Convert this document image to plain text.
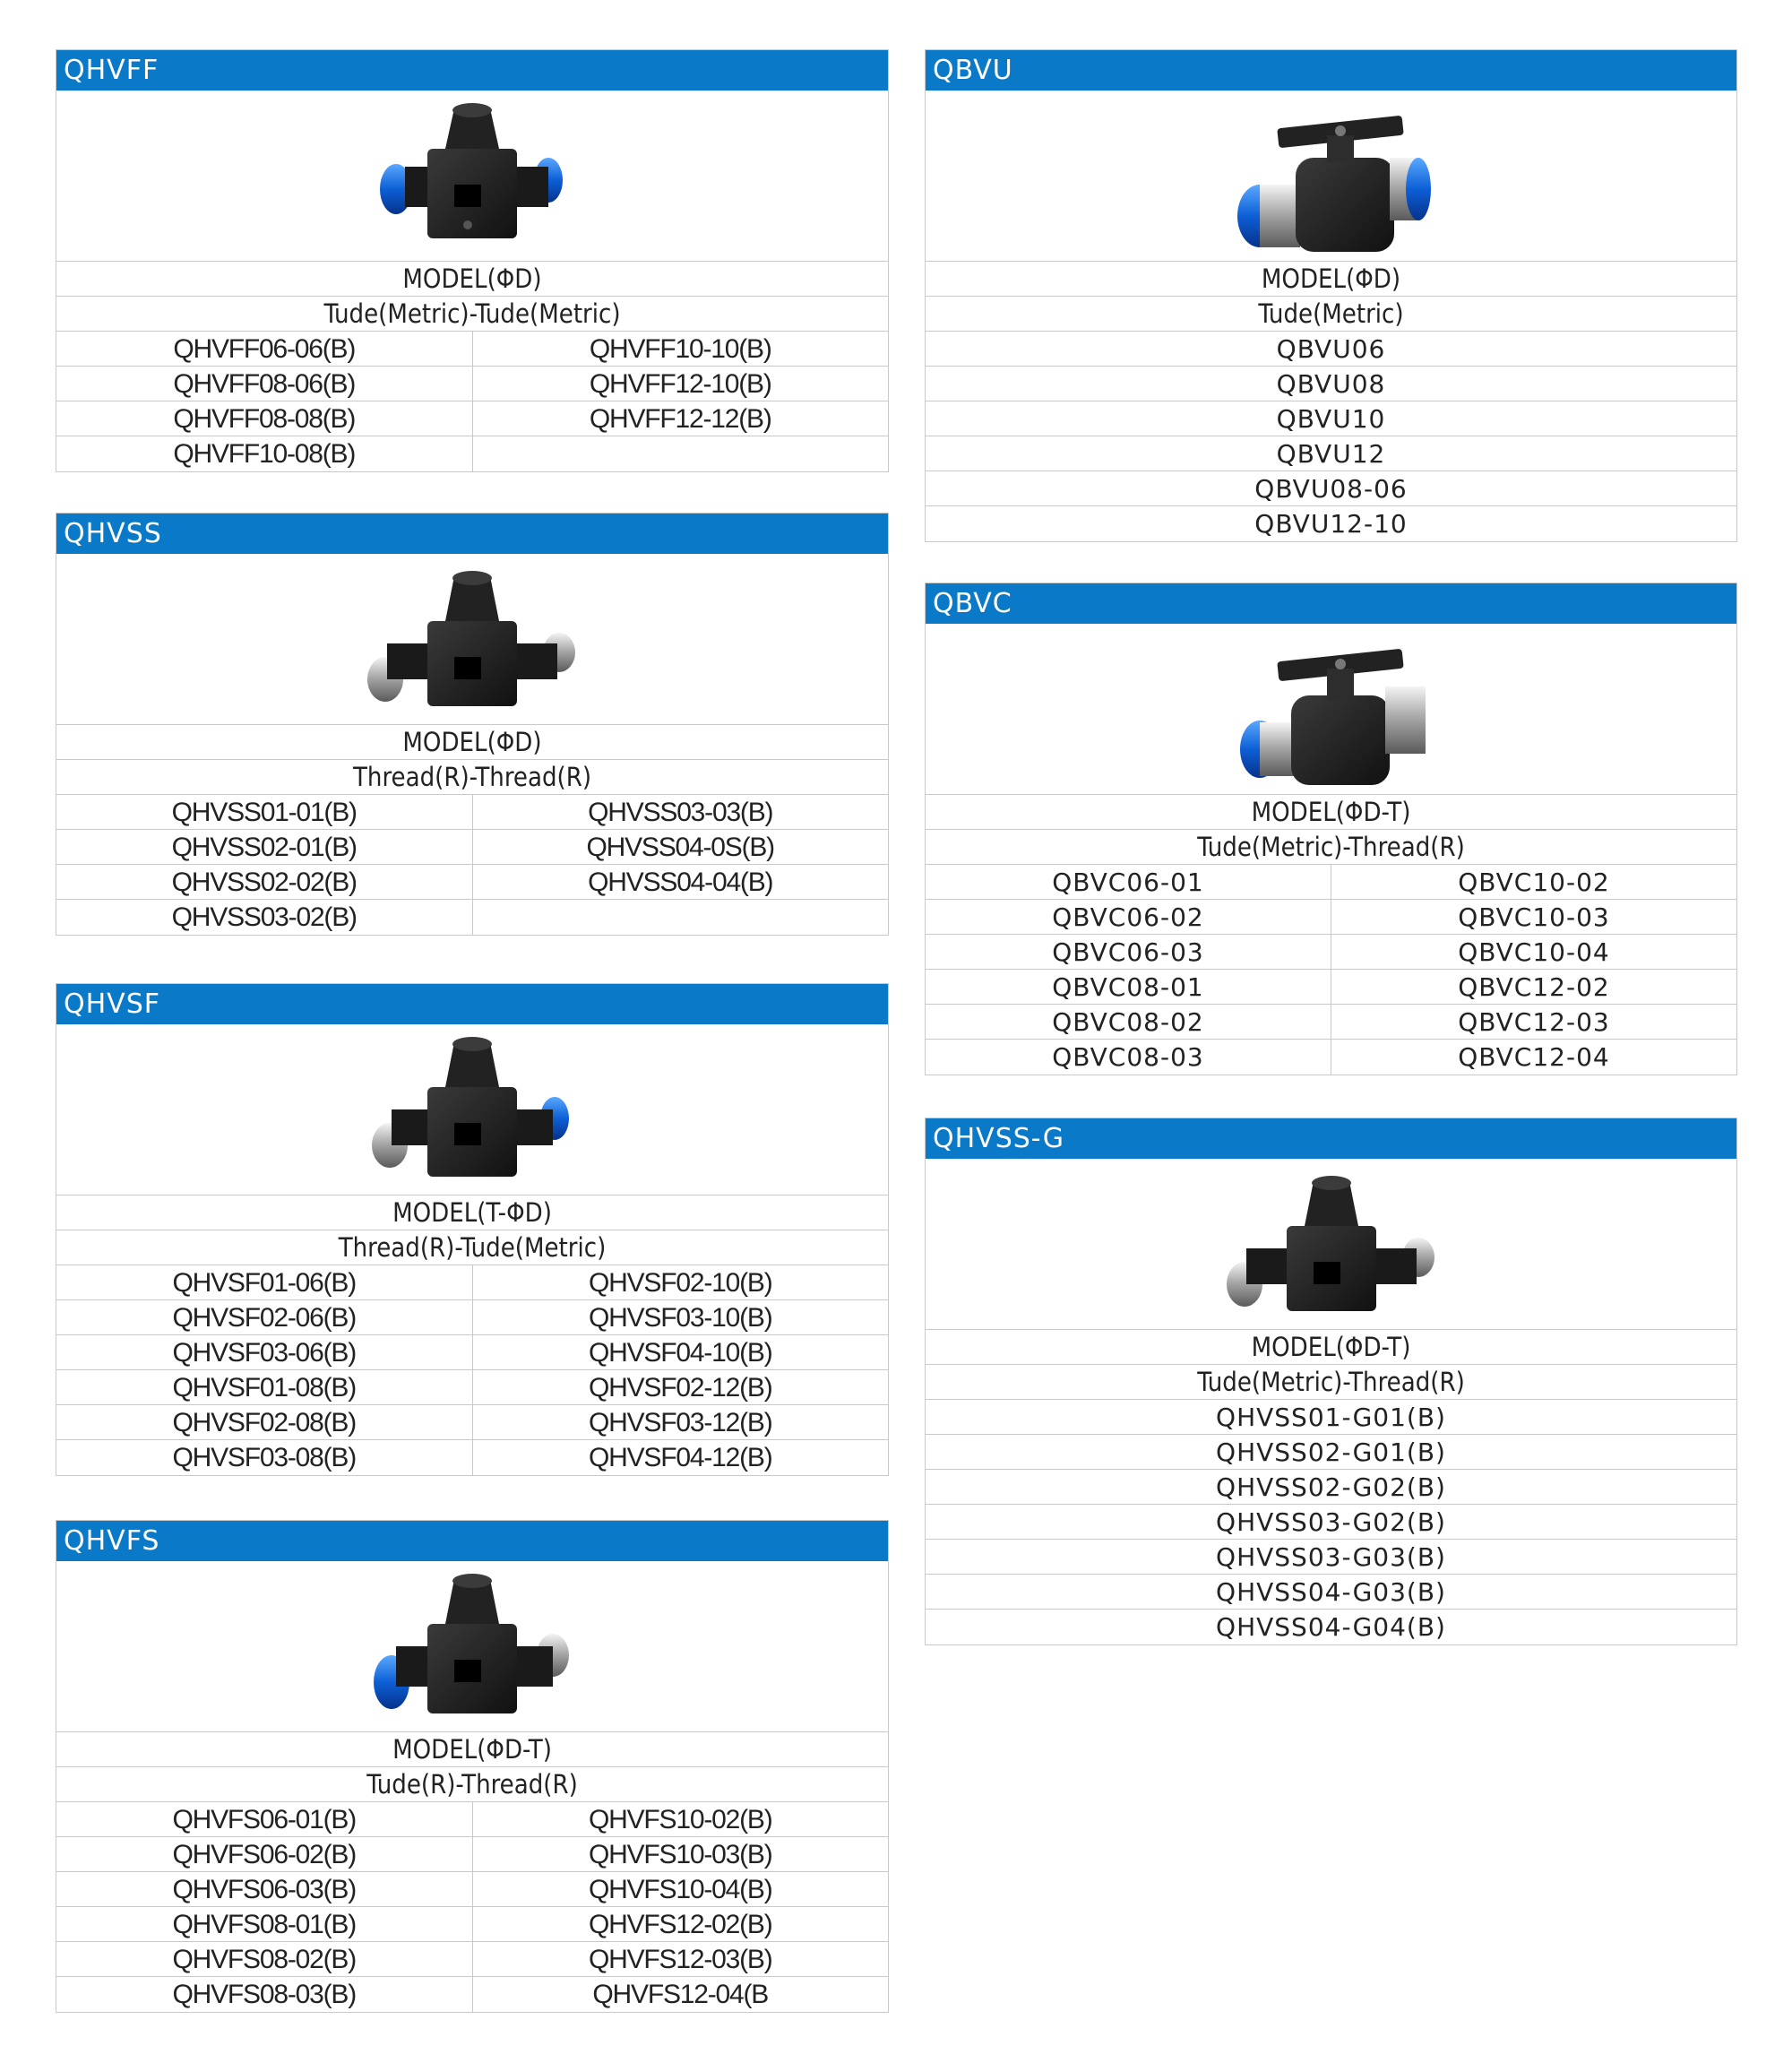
QHVFF
MODEL(ΦD)
Tude(Metric)-Tude(Metric)
QHVFF06-06(B)	QHVFF10-10(B)
QHVFF08-06(B)	QHVFF12-10(B)
QHVFF08-08(B)	QHVFF12-12(B)
QHVFF10-08(B)
QHVSS
MODEL(ΦD)
Thread(R)-Thread(R)
QHVSS01-01(B)	QHVSS03-03(B)
QHVSS02-01(B)	QHVSS04-0S(B)
QHVSS02-02(B)	QHVSS04-04(B)
QHVSS03-02(B)
QHVSF
MODEL(T-ΦD)
Thread(R)-Tude(Metric)
QHVSF01-06(B)	QHVSF02-10(B)
QHVSF02-06(B)	QHVSF03-10(B)
QHVSF03-06(B)	QHVSF04-10(B)
QHVSF01-08(B)	QHVSF02-12(B)
QHVSF02-08(B)	QHVSF03-12(B)
QHVSF03-08(B)	QHVSF04-12(B)
QHVFS
MODEL(ΦD-T)
Tude(R)-Thread(R)
QHVFS06-01(B)	QHVFS10-02(B)
QHVFS06-02(B)	QHVFS10-03(B)
QHVFS06-03(B)	QHVFS10-04(B)
QHVFS08-01(B)	QHVFS12-02(B)
QHVFS08-02(B)	QHVFS12-03(B)
QHVFS08-03(B)	QHVFS12-04(B
QBVU
MODEL(ΦD)
Tude(Metric)
QBVU06
QBVU08
QBVU10
QBVU12
QBVU08-06
QBVU12-10
QBVC
MODEL(ΦD-T)
Tude(Metric)-Thread(R)
QBVC06-01	QBVC10-02
QBVC06-02	QBVC10-03
QBVC06-03	QBVC10-04
QBVC08-01	QBVC12-02
QBVC08-02	QBVC12-03
QBVC08-03	QBVC12-04
QHVSS-G
MODEL(ΦD-T)
Tude(Metric)-Thread(R)
QHVSS01-G01(B)
QHVSS02-G01(B)
QHVSS02-G02(B)
QHVSS03-G02(B)
QHVSS03-G03(B)
QHVSS04-G03(B)
QHVSS04-G04(B)
